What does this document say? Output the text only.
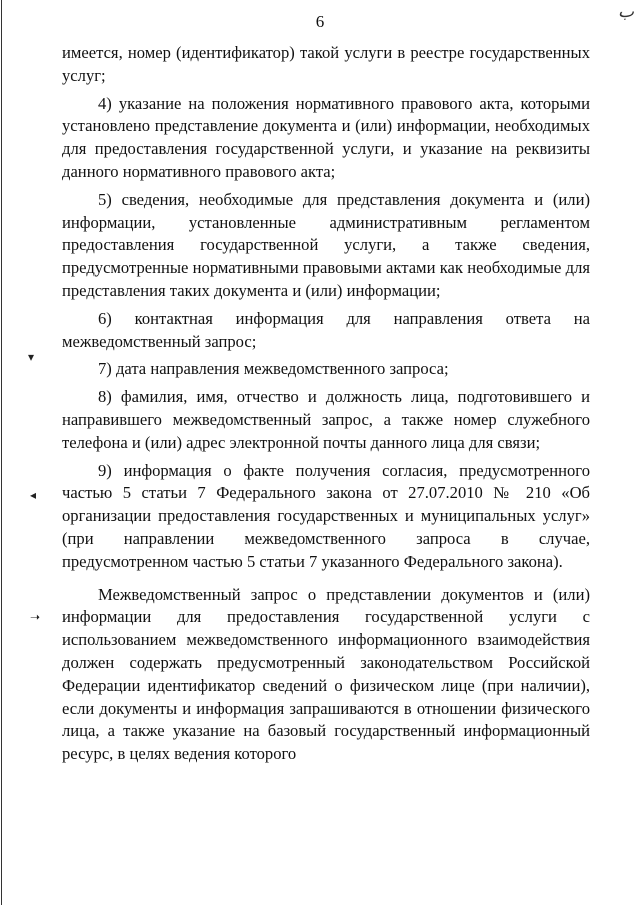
ب
6
▾
◂
➝

имеется, номер (идентификатор) такой услуги в реестре государственных услуг;

4) указание на положения нормативного правового акта, которыми установлено представление документа и (или) информации, необходимых для предоставления государственной услуги, и указание на реквизиты данного нормативного правового акта;

5) сведения, необходимые для представления документа и (или) информации, установленные административным регламентом предоставления государственной услуги, а также сведения, предусмотренные нормативными правовыми актами как необходимые для представления таких документа и (или) информации;

6) контактная информация для направления ответа на межведомственный запрос;

7) дата направления межведомственного запроса;

8) фамилия, имя, отчество и должность лица, подготовившего и направившего межведомственный запрос, а также номер служебного телефона и (или) адрес электронной почты данного лица для связи;

9) информация о факте получения согласия, предусмотренного частью 5 статьи 7 Федерального закона от 27.07.2010 № 210 «Об организации предоставления государственных и муниципальных услуг» (при направлении межведомственного запроса в случае, предусмотренном частью 5 статьи 7 указанного Федерального закона).

Межведомственный запрос о представлении документов и (или) информации для предоставления государственной услуги с использованием межведомственного информационного взаимодействия должен содержать предусмотренный законодательством Российской Федерации идентификатор сведений о физическом лице (при наличии), если документы и информация запрашиваются в отношении физического лица, а также указание на базовый государственный информационный ресурс, в целях ведения которого
